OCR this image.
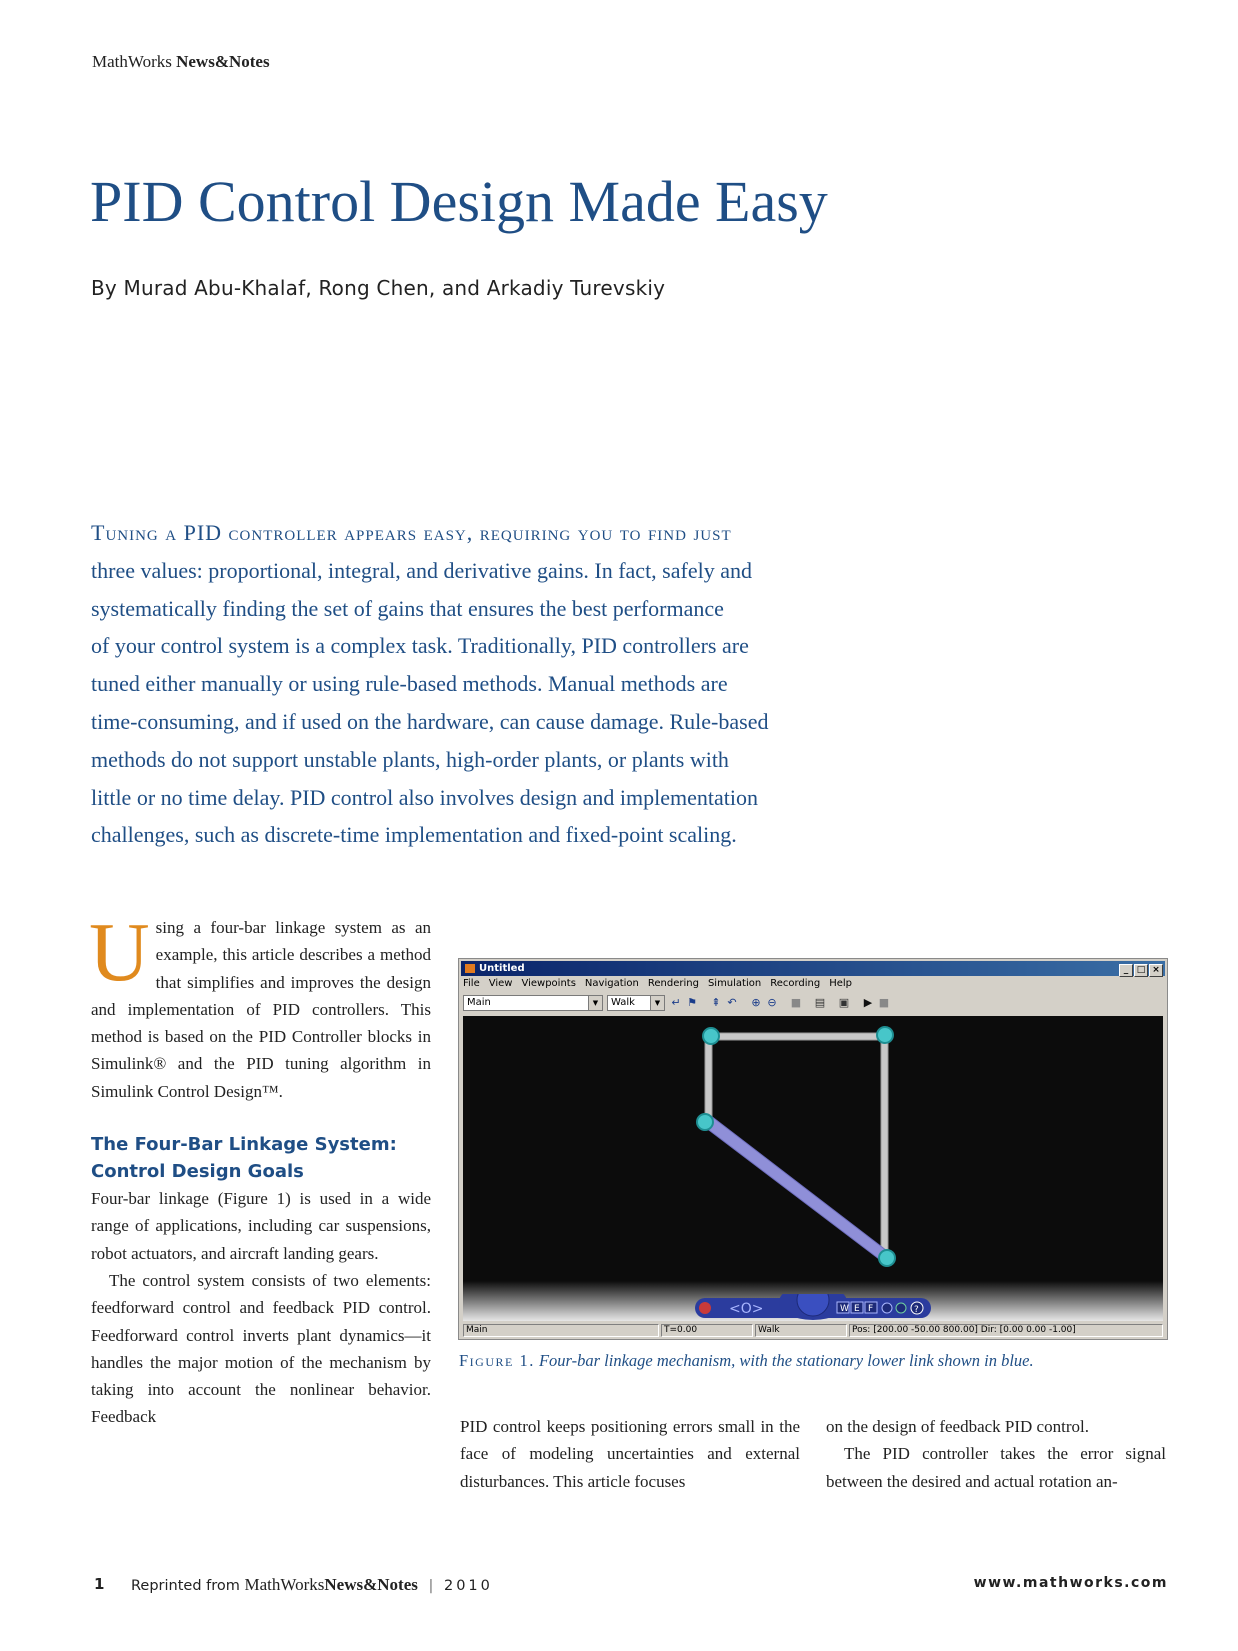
MathWorks News&Notes
PID Control Design Made Easy
By Murad Abu-Khalaf, Rong Chen, and Arkadiy Turevskiy

Tuning a PID controller appears easy, requiring you to find just

three values: proportional, integral, and derivative gains. In fact, safely and

systematically finding the set of gains that ensures the best performance

of your control system is a complex task. Traditionally, PID controllers are

tuned either manually or using rule-based methods. Manual methods are

time-consuming, and if used on the hardware, can cause damage. Rule-based

methods do not support unstable plants, high-order plants, or plants with

little or no time delay. PID control also involves design and implementation

challenges, such as discrete-time implementation and fixed-point scaling.

Using a four-bar linkage system as an example, this article describes a method that simplifies and improves the design and implementation of PID controllers. This method is based on the PID Controller blocks in Simulink® and the PID tuning algorithm in Simulink Control Design™.

The Four-Bar Linkage System:
Control Design Goals

Four-bar linkage (Figure 1) is used in a wide range of applications, including car suspensions, robot actuators, and aircraft landing gears.

The control system consists of two elements: feedforward control and feedback PID control. Feedforward control inverts plant dynamics—it handles the major motion of the mechanism by taking into account the nonlinear behavior. Feedback

Untitled	_ □ ×
File View Viewpoints Navigation Rendering Simulation Recording Help
Main	▼	Walk	▼	↵ ⚑ ⇞ ↶ ⊕ ⊖ ■ ▤ ▣ ▶ ■
<O>	W E F	?
Main	T=0.00	Walk	Pos: [200.00 -50.00 800.00] Dir: [0.00 0.00 -1.00]
Figure 1. Four-bar linkage mechanism, with the stationary lower link shown in blue.

PID control keeps positioning errors small in the face of modeling uncertainties and external disturbances. This article focuses

on the design of feedback PID control.

The PID controller takes the error signal between the desired and actual rotation an-

1 Reprinted from MathWorksNews&Notes | 2010	www.mathworks.com
